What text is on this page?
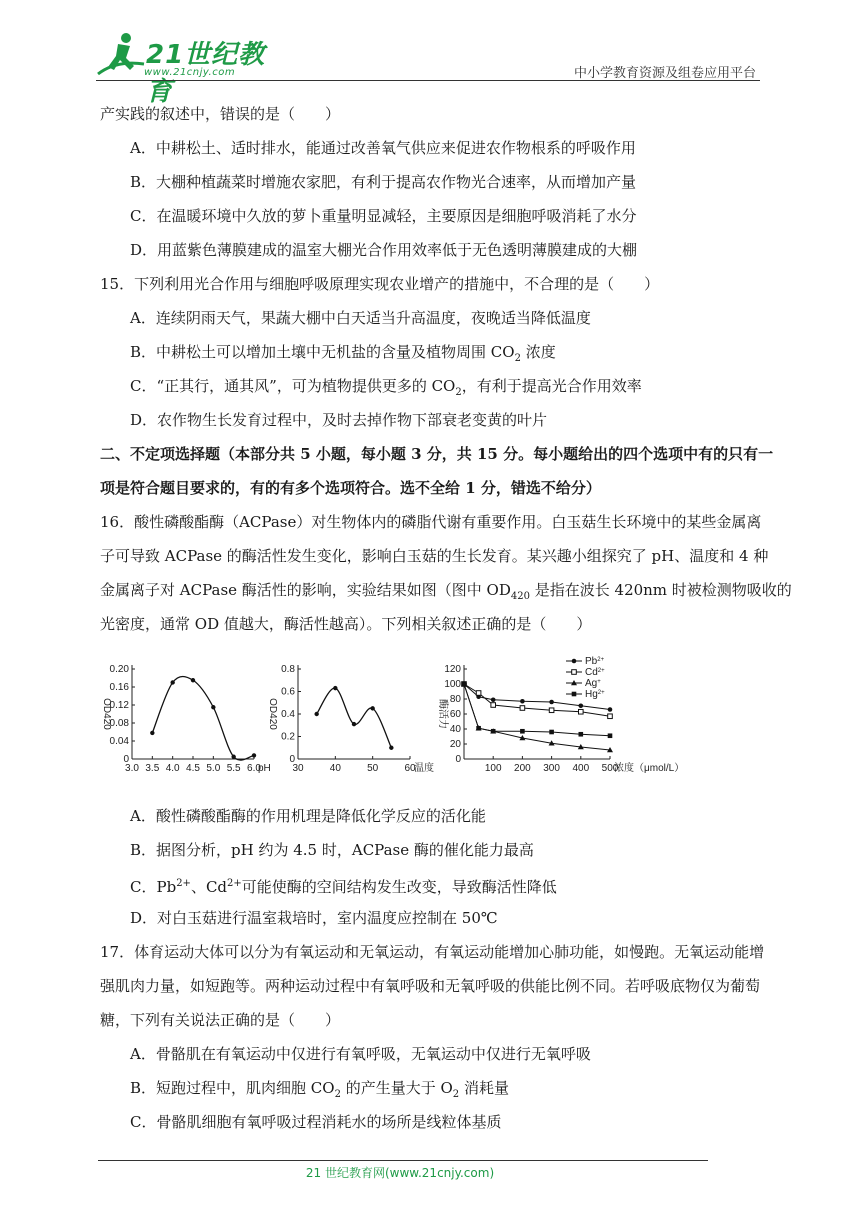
21世纪教育
www.21cnjy.com	中小学教育资源及组卷应用平台
产实践的叙述中，错误的是（　　）
A．中耕松土、适时排水，能通过改善氧气供应来促进农作物根系的呼吸作用
B．大棚种植蔬菜时增施农家肥，有利于提高农作物光合速率，从而增加产量
C．在温暖环境中久放的萝卜重量明显减轻，主要原因是细胞呼吸消耗了水分
D．用蓝紫色薄膜建成的温室大棚光合作用效率低于无色透明薄膜建成的大棚
15．下列利用光合作用与细胞呼吸原理实现农业增产的措施中，不合理的是（　　）
A．连续阴雨天气，果蔬大棚中白天适当升高温度，夜晚适当降低温度
B．中耕松土可以增加土壤中无机盐的含量及植物周围 $CO_2$ 浓度
C．“正其行，通其风”，可为植物提供更多的 $CO_2$，有利于提高光合作用效率
D．农作物生长发育过程中，及时去掉作物下部衰老变黄的叶片
二、不定项选择题（本部分共 5 小题，每小题 3 分，共 15 分。每小题给出的四个选项中有的只有一
项是符合题目要求的，有的有多个选项符合。选不全给 1 分，错选不给分）
16．酸性磷酸酯酶（ACPase）对生物体内的磷脂代谢有重要作用。白玉菇生长环境中的某些金属离
子可导致 ACPase 的酶活性发生变化，影响白玉菇的生长发育。某兴趣小组探究了 pH、温度和 4 种
金属离子对 ACPase 酶活性的影响，实验结果如图（图中 $OD_{420}$ 是指在波长 420nm 时被检测物吸收的
光密度，通常 OD 值越大，酶活性越高）。下列相关叙述正确的是（　　）
A．酸性磷酸酯酶的作用机理是降低化学反应的活化能
B．据图分析，pH 约为 4.5 时，ACPase 酶的催化能力最高
C．$Pb^{2+}$、$Cd^{2+}$可能使酶的空间结构发生改变，导致酶活性降低
D．对白玉菇进行温室栽培时，室内温度应控制在 50℃
17．体育运动大体可以分为有氧运动和无氧运动，有氧运动能增加心肺功能，如慢跑。无氧运动能增
强肌肉力量，如短跑等。两种运动过程中有氧呼吸和无氧呼吸的供能比例不同。若呼吸底物仅为葡萄
糖，下列有关说法正确的是（　　）
A．骨骼肌在有氧运动中仅进行有氧呼吸，无氧运动中仅进行无氧呼吸
B．短跑过程中，肌肉细胞 $CO_2$ 的产生量大于 $O_2$ 消耗量
C．骨骼肌细胞有氧呼吸过程消耗水的场所是线粒体基质
3.0 3.5 4.0 4.5 5.0 5.5 6.0
0
0.04
0.08
0.12
0.16
0.20
pH
OD420
30	40	50	60
0
0.2
0.4
0.6
0.8
温度
OD420
100 200 300 400 500
0
20
40
60
80
100
120
浓度（μmol/L）
酶活力
$Pb^{2+}$
$Cd^{2+}$
Ag+
$Hg^{2+}$
21 世纪教育网(www.21cnjy.com)
